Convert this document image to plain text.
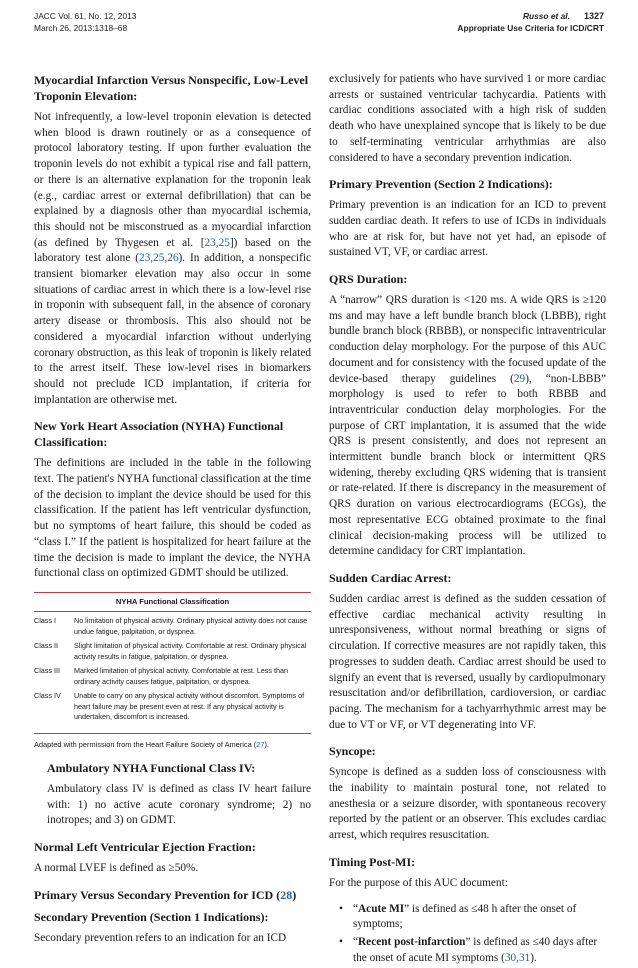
JACC Vol. 61, No. 12, 2013
March 26, 2013:1318–68
Russo et al. 1327
Appropriate Use Criteria for ICD/CRT
Myocardial Infarction Versus Nonspecific, Low-Level Troponin Elevation:

Not infrequently, a low-level troponin elevation is detected when blood is drawn routinely or as a consequence of protocol laboratory testing. If upon further evaluation the troponin levels do not exhibit a typical rise and fall pattern, or there is an alternative explanation for the troponin leak (e.g., cardiac arrest or external defibrillation) that can be explained by a diagnosis other than myocardial ischemia, this should not be misconstrued as a myocardial infarction (as defined by Thygesen et al. [23,25]) based on the laboratory test alone (23,25,26). In addition, a nonspecific transient biomarker elevation may also occur in some situations of cardiac arrest in which there is a low-level rise in troponin with subsequent fall, in the absence of coronary artery disease or thrombosis. This also should not be considered a myocardial infarction without underlying coronary obstruction, as this leak of troponin is likely related to the arrest itself. These low-level rises in biomarkers should not preclude ICD implantation, if criteria for implantation are otherwise met.

New York Heart Association (NYHA) Functional Classification:

The definitions are included in the table in the following text. The patient's NYHA functional classification at the time of the decision to implant the device should be used for this classification. If the patient has left ventricular dysfunction, but no symptoms of heart failure, this should be coded as “class I.” If the patient is hospitalized for heart failure at the time the decision is made to implant the device, the NYHA functional class on optimized GDMT should be utilized.

NYHA Functional Classification
Class I	No limitation of physical activity. Ordinary physical activity does not cause undue fatigue, palpitation, or dyspnea.
Class II	Slight limitation of physical activity. Comfortable at rest. Ordinary physical activity results in fatigue, palpitation, or dyspnea.
Class III	Marked limitation of physical activity. Comfortable at rest. Less than ordinary activity causes fatigue, palpitation, or dyspnea.
Class IV	Unable to carry on any physical activity without discomfort. Symptoms of heart failure may be present even at rest. If any physical activity is undertaken, discomfort is increased.
Adapted with permission from the Heart Failure Society of America (27).
Ambulatory NYHA Functional Class IV:

Ambulatory class IV is defined as class IV heart failure with: 1) no active acute coronary syndrome; 2) no inotropes; and 3) on GDMT.

Normal Left Ventricular Ejection Fraction:

A normal LVEF is defined as ≥50%.

Primary Versus Secondary Prevention for ICD (28)
Secondary Prevention (Section 1 Indications):

Secondary prevention refers to an indication for an ICD

exclusively for patients who have survived 1 or more cardiac arrests or sustained ventricular tachycardia. Patients with cardiac conditions associated with a high risk of sudden death who have unexplained syncope that is likely to be due to self-terminating ventricular arrhythmias are also considered to have a secondary prevention indication.

Primary Prevention (Section 2 Indications):

Primary prevention is an indication for an ICD to prevent sudden cardiac death. It refers to use of ICDs in individuals who are at risk for, but have not yet had, an episode of sustained VT, VF, or cardiac arrest.

QRS Duration:

A “narrow” QRS duration is <120 ms. A wide QRS is ≥120 ms and may have a left bundle branch block (LBBB), right bundle branch block (RBBB), or nonspecific intraventricular conduction delay morphology. For the purpose of this AUC document and for consistency with the focused update of the device-based therapy guidelines (29), “non-LBBB” morphology is used to refer to both RBBB and intraventricular conduction delay morphologies. For the purpose of CRT implantation, it is assumed that the wide QRS is present consistently, and does not represent an intermittent bundle branch block or intermittent QRS widening, thereby excluding QRS widening that is transient or rate-related. If there is discrepancy in the measurement of QRS duration on various electrocardiograms (ECGs), the most representative ECG obtained proximate to the final clinical decision-making process will be utilized to determine candidacy for CRT implantation.

Sudden Cardiac Arrest:

Sudden cardiac arrest is defined as the sudden cessation of effective cardiac mechanical activity resulting in unresponsiveness, without normal breathing or signs of circulation. If corrective measures are not rapidly taken, this progresses to sudden death. Cardiac arrest should be used to signify an event that is reversed, usually by cardiopulmonary resuscitation and/or defibrillation, cardioversion, or cardiac pacing. The mechanism for a tachyarrhythmic arrest may be due to VT or VF, or VT degenerating into VF.

Syncope:

Syncope is defined as a sudden loss of consciousness with the inability to maintain postural tone, not related to anesthesia or a seizure disorder, with spontaneous recovery reported by the patient or an observer. This excludes cardiac arrest, which requires resuscitation.

Timing Post-MI:

For the purpose of this AUC document:

• “Acute MI” is defined as ≤48 h after the onset of symptoms;
• “Recent post-infarction” is defined as ≤40 days after the onset of acute MI symptoms (30,31).
